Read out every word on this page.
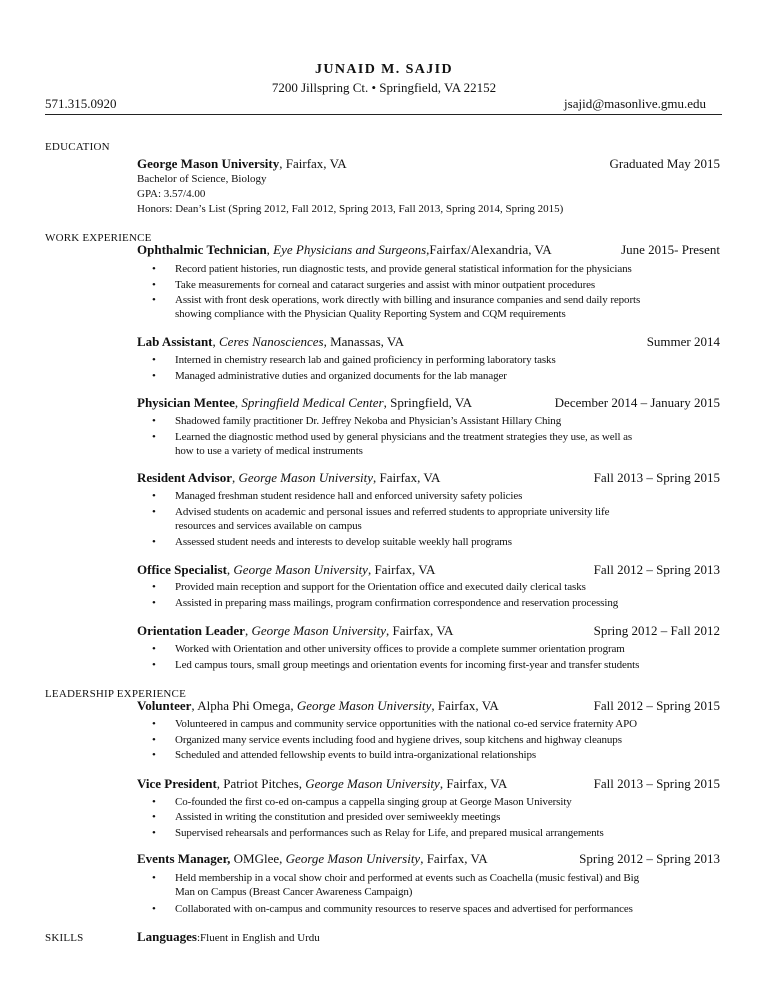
JUNAID M. SAJID
7200 Jillspring Ct. • Springfield, VA 22152
571.315.0920	jsajid@masonlive.gmu.edu
EDUCATION
George Mason University, Fairfax, VA	Graduated May 2015
Bachelor of Science, Biology
GPA: 3.57/4.00
Honors: Dean’s List (Spring 2012, Fall 2012, Spring 2013, Fall 2013, Spring 2014, Spring 2015)
WORK EXPERIENCE
Ophthalmic Technician, Eye Physicians and Surgeons,Fairfax/Alexandria, VA	June 2015- Present
• Record patient histories, run diagnostic tests, and provide general statistical information for the physicians
• Take measurements for corneal and cataract surgeries and assist with minor outpatient procedures
• Assist with front desk operations, work directly with billing and insurance companies and send daily reports
showing compliance with the Physician Quality Reporting System and CQM requirements
Lab Assistant, Ceres Nanosciences, Manassas, VA	Summer 2014
• Interned in chemistry research lab and gained proficiency in performing laboratory tasks
• Managed administrative duties and organized documents for the lab manager
Physician Mentee, Springfield Medical Center, Springfield, VA	December 2014 – January 2015
• Shadowed family practitioner Dr. Jeffrey Nekoba and Physician’s Assistant Hillary Ching
• Learned the diagnostic method used by general physicians and the treatment strategies they use, as well as
how to use a variety of medical instruments
Resident Advisor, George Mason University, Fairfax, VA	Fall 2013 – Spring 2015
• Managed freshman student residence hall and enforced university safety policies
• Advised students on academic and personal issues and referred students to appropriate university life
resources and services available on campus
• Assessed student needs and interests to develop suitable weekly hall programs
Office Specialist, George Mason University, Fairfax, VA	Fall 2012 – Spring 2013
• Provided main reception and support for the Orientation office and executed daily clerical tasks
• Assisted in preparing mass mailings, program confirmation correspondence and reservation processing
Orientation Leader, George Mason University, Fairfax, VA	Spring 2012 – Fall 2012
• Worked with Orientation and other university offices to provide a complete summer orientation program
• Led campus tours, small group meetings and orientation events for incoming first-year and transfer students
LEADERSHIP EXPERIENCE
Volunteer, Alpha Phi Omega, George Mason University, Fairfax, VA	Fall 2012 – Spring 2015
• Volunteered in campus and community service opportunities with the national co-ed service fraternity APO
• Organized many service events including food and hygiene drives, soup kitchens and highway cleanups
• Scheduled and attended fellowship events to build intra-organizational relationships
Vice President, Patriot Pitches, George Mason University, Fairfax, VA	Fall 2013 – Spring 2015
• Co-founded the first co-ed on-campus a cappella singing group at George Mason University
• Assisted in writing the constitution and presided over semiweekly meetings
• Supervised rehearsals and performances such as Relay for Life, and prepared musical arrangements
Events Manager, OMGlee, George Mason University, Fairfax, VA	Spring 2012 – Spring 2013
• Held membership in a vocal show choir and performed at events such as Coachella (music festival) and Big
Man on Campus (Breast Cancer Awareness Campaign)
• Collaborated with on-campus and community resources to reserve spaces and advertised for performances
SKILLS	Languages:Fluent in English and Urdu
